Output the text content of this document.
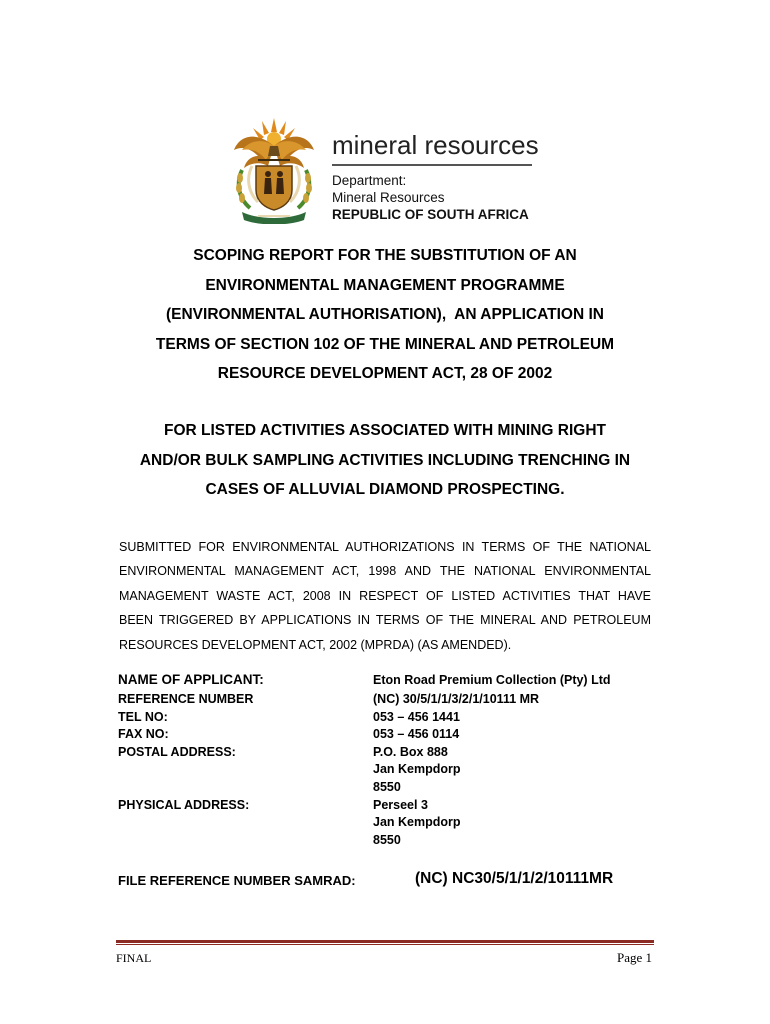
mineral resources
Department:
Mineral Resources
REPUBLIC OF SOUTH AFRICA
SCOPING REPORT FOR THE SUBSTITUTION OF AN
ENVIRONMENTAL MANAGEMENT PROGRAMME
(ENVIRONMENTAL AUTHORISATION),  AN APPLICATION IN
TERMS OF SECTION 102 OF THE MINERAL AND PETROLEUM
RESOURCE DEVELOPMENT ACT, 28 OF 2002
FOR LISTED ACTIVITIES ASSOCIATED WITH MINING RIGHT
AND/OR BULK SAMPLING ACTIVITIES INCLUDING TRENCHING IN
CASES OF ALLUVIAL DIAMOND PROSPECTING.
SUBMITTED FOR ENVIRONMENTAL AUTHORIZATIONS IN TERMS OF THE NATIONAL
ENVIRONMENTAL MANAGEMENT ACT, 1998 AND THE NATIONAL ENVIRONMENTAL
MANAGEMENT WASTE ACT, 2008 IN RESPECT OF LISTED ACTIVITIES THAT HAVE
BEEN TRIGGERED BY APPLICATIONS IN TERMS OF THE MINERAL AND PETROLEUM
RESOURCES DEVELOPMENT ACT, 2002 (MPRDA) (AS AMENDED).
NAME OF APPLICANT:	Eton Road Premium Collection (Pty) Ltd
REFERENCE NUMBER	(NC) 30/5/1/1/3/2/1/10111 MR
TEL NO:	053 – 456 1441
FAX NO:	053 – 456 0114
POSTAL ADDRESS:	P.O. Box 888
Jan Kempdorp
8550
PHYSICAL ADDRESS:	Perseel 3
Jan Kempdorp
8550
FILE REFERENCE NUMBER SAMRAD:	(NC) NC30/5/1/1/2/10111MR
FINAL	Page 1
